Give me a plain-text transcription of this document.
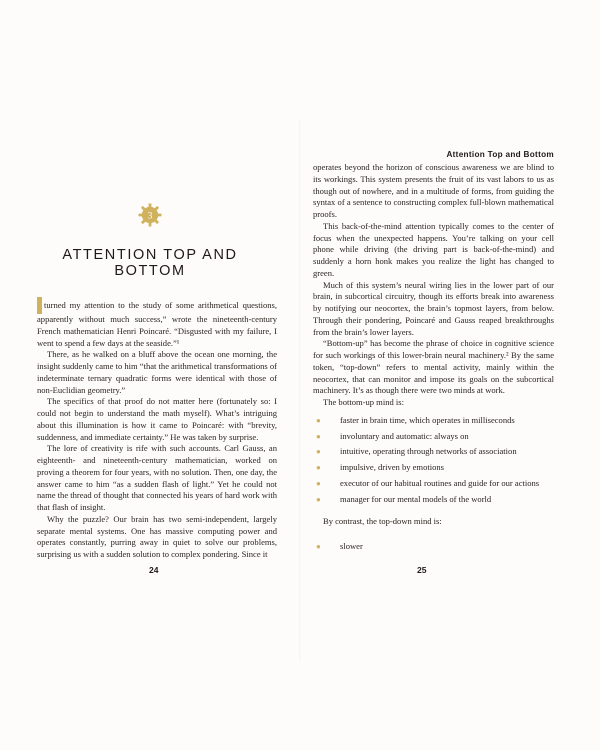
3
ATTENTION TOP AND BOTTOM

turned my attention to the study of some arithmetical questions, apparently without much success,” wrote the nineteenth-century French mathematician Henri Poincaré. “Disgusted with my failure, I went to spend a few days at the seaside.”¹

There, as he walked on a bluff above the ocean one morning, the insight suddenly came to him “that the arithmetical transformations of indeterminate ternary quadratic forms were identical with those of non-Euclidian geometry.”

The specifics of that proof do not matter here (fortunately so: I could not begin to understand the math myself). What’s intriguing about this illumination is how it came to Poincaré: with “brevity, suddenness, and immediate certainty.” He was taken by surprise.

The lore of creativity is rife with such accounts. Carl Gauss, an eighteenth- and nineteenth-century mathematician, worked on proving a theorem for four years, with no solution. Then, one day, the answer came to him “as a sudden flash of light.” Yet he could not name the thread of thought that connected his years of hard work with that flash of insight.

Why the puzzle? Our brain has two semi-independent, largely separate mental systems. One has massive computing power and operates constantly, purring away in quiet to solve our problems, surprising us with a sudden solution to complex pondering. Since it

24
Attention Top and Bottom

operates beyond the horizon of conscious awareness we are blind to its workings. This system presents the fruit of its vast labors to us as though out of nowhere, and in a multitude of forms, from guiding the syntax of a sentence to constructing complex full-blown mathematical proofs.

This back-of-the-mind attention typically comes to the center of focus when the unexpected happens. You’re talking on your cell phone while driving (the driving part is back-of-the-mind) and suddenly a horn honk makes you realize the light has changed to green.

Much of this system’s neural wiring lies in the lower part of our brain, in subcortical circuitry, though its efforts break into awareness by notifying our neocortex, the brain’s topmost layers, from below. Through their pondering, Poincaré and Gauss reaped breakthroughs from the brain’s lower layers.

“Bottom-up” has become the phrase of choice in cognitive science for such workings of this lower-brain neural machinery.² By the same token, “top-down” refers to mental activity, mainly within the neocortex, that can monitor and impose its goals on the subcortical machinery. It’s as though there were two minds at work.

The bottom-up mind is:

● faster in brain time, which operates in milliseconds
● involuntary and automatic: always on
● intuitive, operating through networks of association
● impulsive, driven by emotions
● executor of our habitual routines and guide for our actions
● manager for our mental models of the world

By contrast, the top-down mind is:

● slower
25
